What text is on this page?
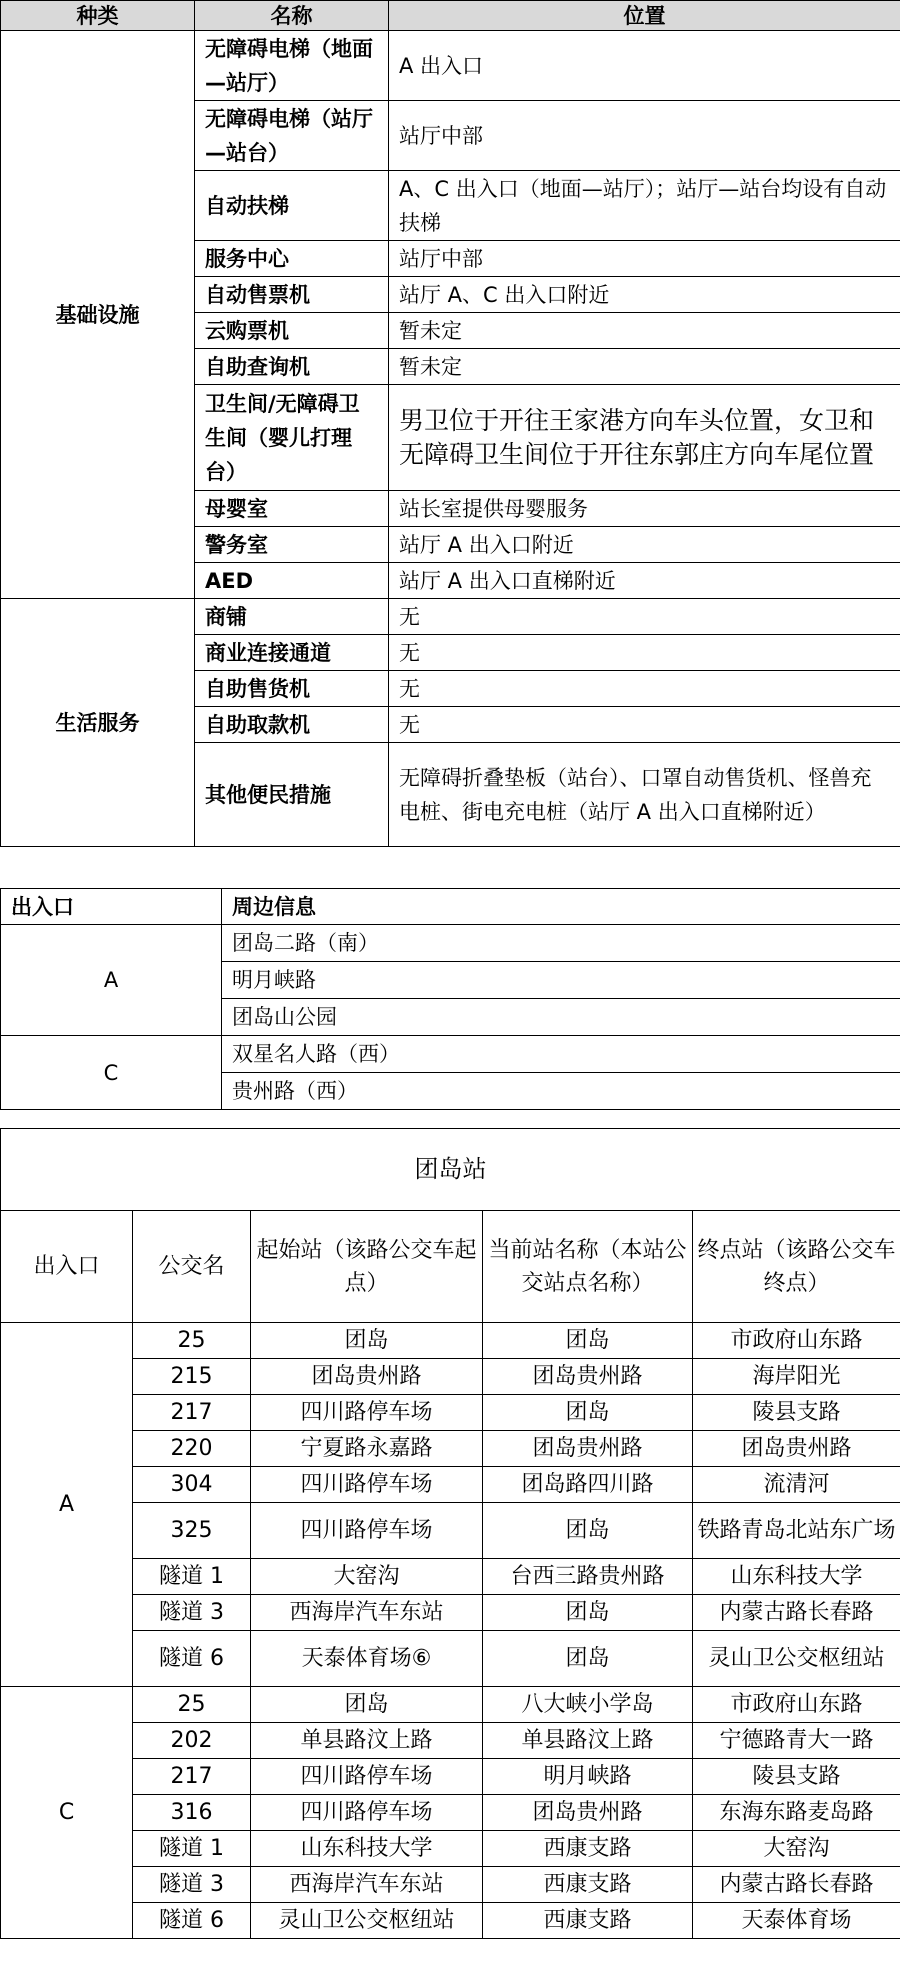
种类	名称	位置
基础设施	无障碍电梯（地面—站厅）	A 出入口
	无障碍电梯（站厅—站台）	站厅中部
	自动扶梯	A、C 出入口（地面—站厅）；站厅—站台均设有自动扶梯
	服务中心	站厅中部
	自动售票机	站厅 A、C 出入口附近
	云购票机	暂未定
	自助查询机	暂未定
	卫生间/无障碍卫生间（婴儿打理台）	男卫位于开往王家港方向车头位置，女卫和无障碍卫生间位于开往东郭庄方向车尾位置
	母婴室	站长室提供母婴服务
	警务室	站厅 A 出入口附近
	AED	站厅 A 出入口直梯附近
生活服务	商铺	无
	商业连接通道	无
	自助售货机	无
	自助取款机	无
	其他便民措施	无障碍折叠垫板（站台）、口罩自动售货机、怪兽充电桩、街电充电桩（站厅 A 出入口直梯附近）
出入口	周边信息
A	团岛二路（南）
	明月峡路
	团岛山公园
C	双星名人路（西）
	贵州路（西）
团岛站				
出入口	公交名	起始站（该路公交车起点）	当前站名称（本站公交站点名称）	终点站（该路公交车终点）
A	25	团岛	团岛	市政府山东路
	215	团岛贵州路	团岛贵州路	海岸阳光
	217	四川路停车场	团岛	陵县支路
	220	宁夏路永嘉路	团岛贵州路	团岛贵州路
	304	四川路停车场	团岛路四川路	流清河
	325	四川路停车场	团岛	铁路青岛北站东广场
	隧道 1	大窑沟	台西三路贵州路	山东科技大学
	隧道 3	西海岸汽车东站	团岛	内蒙古路长春路
	隧道 6	天泰体育场⑥	团岛	灵山卫公交枢纽站
C	25	团岛	八大峡小学岛	市政府山东路
	202	单县路汶上路	单县路汶上路	宁德路青大一路
	217	四川路停车场	明月峡路	陵县支路
	316	四川路停车场	团岛贵州路	东海东路麦岛路
	隧道 1	山东科技大学	西康支路	大窑沟
	隧道 3	西海岸汽车东站	西康支路	内蒙古路长春路
	隧道 6	灵山卫公交枢纽站	西康支路	天泰体育场
